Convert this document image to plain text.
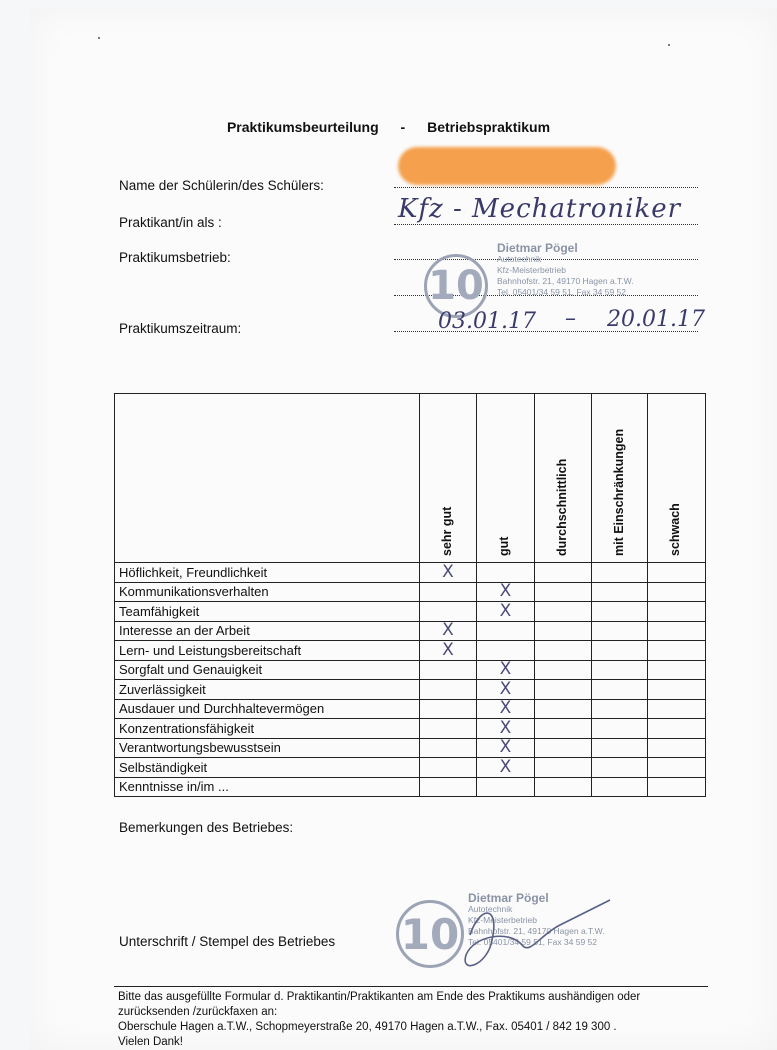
Praktikumsbeurteilung - Betriebspraktikum
Name der Schülerin/des Schülers:
Praktikant/in als :	Kfz - Mechatroniker
Praktikumsbetrieb:
10
Dietmar Pögel
Autotechnik
Kfz-Meisterbetrieb
Bahnhofstr. 21, 49170 Hagen a.T.W.
Tel. 05401/34 59 51, Fax 34 59 52
Praktikumszeitraum:	03.01.17 – 20.01.17

	sehr gut	gut	durchschnittlich	mit Einschränkungen	schwach

Höflichkeit, Freundlichkeit	X				
Kommunikationsverhalten		X			
Teamfähigkeit		X			
Interesse an der Arbeit	X				
Lern- und Leistungsbereitschaft	X				
Sorgfalt und Genauigkeit		X			
Zuverlässigkeit		X			
Ausdauer und Durchhaltevermögen		X			
Konzentrationsfähigkeit		X			
Verantwortungsbewusstsein		X			
Selbständigkeit		X			
Kenntnisse in/im ...					
Bemerkungen des Betriebes:
10
Dietmar Pögel
Autotechnik
Kfz-Meisterbetrieb
Bahnhofstr. 21, 49170 Hagen a.T.W.
Tel. 05401/34 59 51, Fax 34 59 52
Unterschrift / Stempel des Betriebes
Bitte das ausgefüllte Formular d. Praktikantin/Praktikanten am Ende des Praktikums aushändigen oder
zurücksenden /zurückfaxen an:
Oberschule Hagen a.T.W., Schopmeyerstraße 20, 49170 Hagen a.T.W., Fax. 05401 / 842 19 300 .
Vielen Dank!
